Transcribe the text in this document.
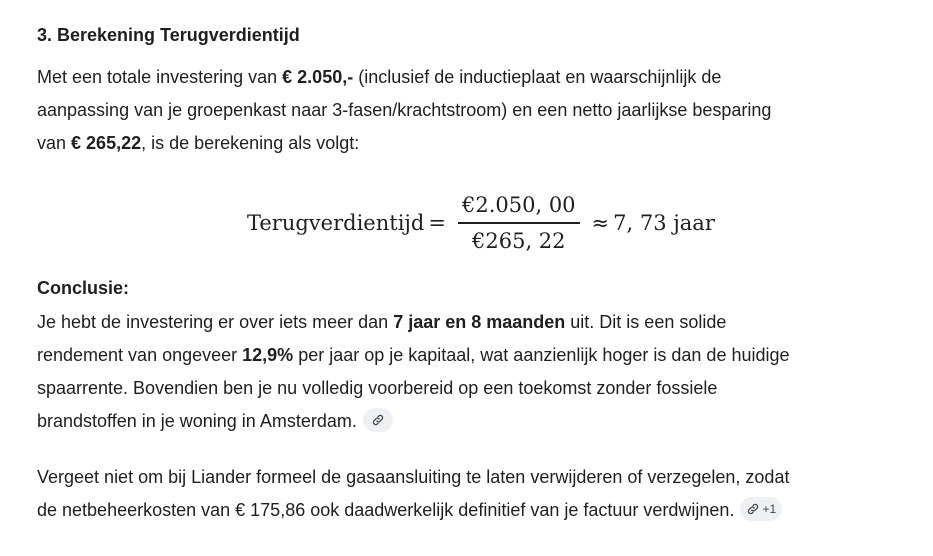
3. Berekening Terugverdientijd
Met een totale investering van € 2.050,- (inclusief de inductieplaat en waarschijnlijk de
aanpassing van je groepenkast naar 3-fasen/krachtstroom) en een netto jaarlijkse besparing
van € 265,22, is de berekening als volgt:
Terugverdientijd = $\frac{€2.050, 00}{€265, 22} \approx 7$, 73 jaar
Conclusie:
Je hebt de investering er over iets meer dan 7 jaar en 8 maanden uit. Dit is een solide
rendement van ongeveer 12,9% per jaar op je kapitaal, wat aanzienlijk hoger is dan de huidige
spaarrente. Bovendien ben je nu volledig voorbereid op een toekomst zonder fossiele
brandstoffen in je woning in Amsterdam.
Vergeet niet om bij Liander formeel de gasaansluiting te laten verwijderen of verzegelen, zodat
de netbeheerkosten van € 175,86 ook daadwerkelijk definitief van je factuur verdwijnen. +1
